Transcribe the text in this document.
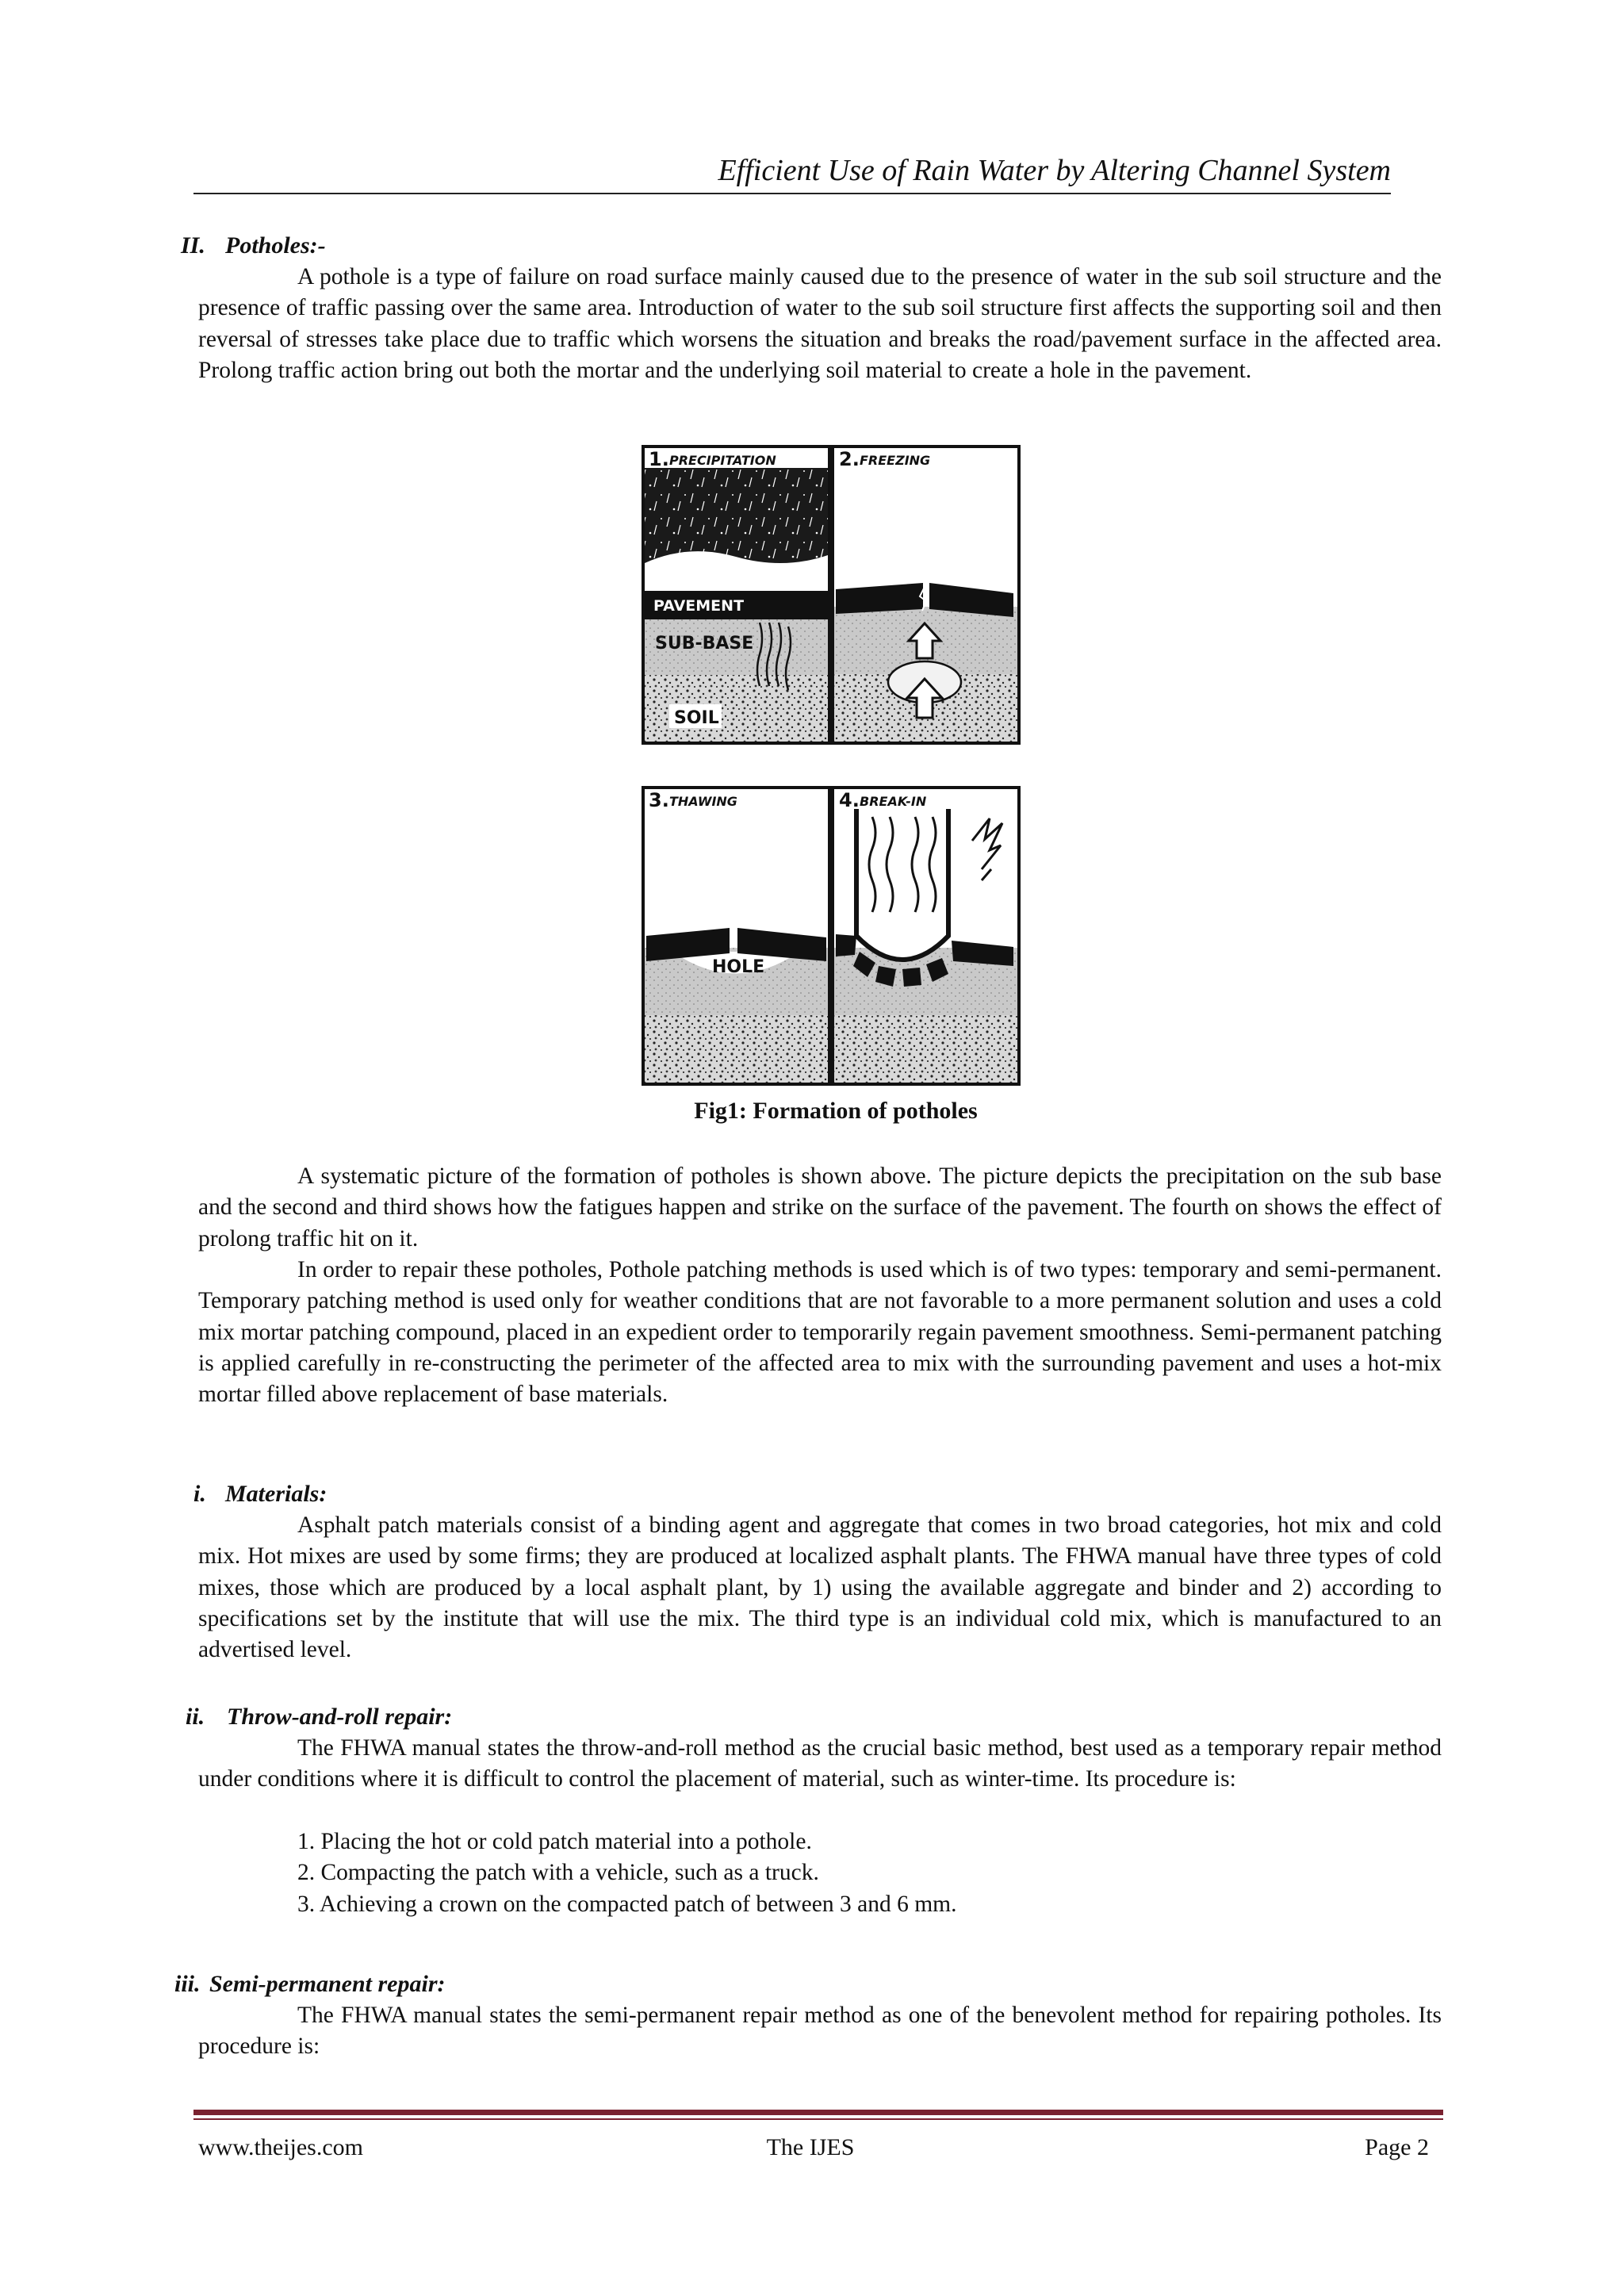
Efficient Use of Rain Water by Altering Channel System
II. Potholes:-

A pothole is a type of failure on road surface mainly caused due to the presence of water in the sub soil structure and the presence of traffic passing over the same area. Introduction of water to the sub soil structure first affects the supporting soil and then reversal of stresses take place due to traffic which worsens the situation and breaks the road/pavement surface in the affected area. Prolong traffic action bring out both the mortar and the underlying soil material to create a hole in the pavement.

1. PRECIPITATION	2. FREEZING
PAVEMENT
SUB-BASE
SOIL
3. THAWING	4. BREAK-IN
HOLE
Fig1: Formation of potholes

A systematic picture of the formation of potholes is shown above. The picture depicts the precipitation on the sub base and the second and third shows how the fatigues happen and strike on the surface of the pavement. The fourth on shows the effect of prolong traffic hit on it.

In order to repair these potholes, Pothole patching methods is used which is of two types: temporary and semi-permanent. Temporary patching method is used only for weather conditions that are not favorable to a more permanent solution and uses a cold mix mortar patching compound, placed in an expedient order to temporarily regain pavement smoothness. Semi-permanent patching is applied carefully in re-constructing the perimeter of the affected area to mix with the surrounding pavement and uses a hot-mix mortar filled above replacement of base materials.

i. Materials:

Asphalt patch materials consist of a binding agent and aggregate that comes in two broad categories, hot mix and cold mix. Hot mixes are used by some firms; they are produced at localized asphalt plants. The FHWA manual have three types of cold mixes, those which are produced by a local asphalt plant, by 1) using the available aggregate and binder and 2) according to specifications set by the institute that will use the mix. The third type is an individual cold mix, which is manufactured to an advertised level.

ii. Throw-and-roll repair:

The FHWA manual states the throw-and-roll method as the crucial basic method, best used as a temporary repair method under conditions where it is difficult to control the placement of material, such as winter-time. Its procedure is:

1. Placing the hot or cold patch material into a pothole.
2. Compacting the patch with a vehicle, such as a truck.
3. Achieving a crown on the compacted patch of between 3 and 6 mm.
iii. Semi-permanent repair:

The FHWA manual states the semi-permanent repair method as one of the benevolent method for repairing potholes. Its procedure is:

www.theijes.com	The IJES	Page 2
